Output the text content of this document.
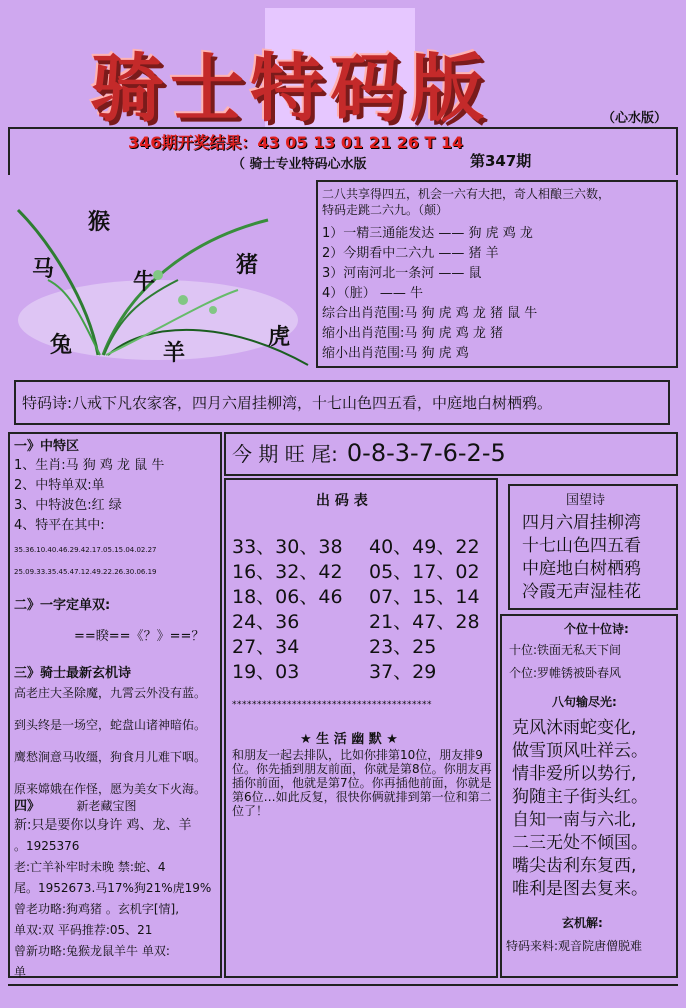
骑士特码版	（心水版）
346期开奖结果：43 05 13 01 21 26 T 14
（ 骑士专业特码心水版	第347期
猴
马	猪
牛
兔	羊
虎
二八共享得四五，机会一六有大把，奇人相酿三六数，
特码走跳二六九。（颠）
1）一精三通能发达 —— 狗 虎 鸡 龙
2）今期看中二六九 —— 猪 羊
3）河南河北一条河 —— 鼠
4）（脏） —— 牛
综合出肖范围:马 狗 虎 鸡 龙 猪 鼠 牛
缩小出肖范围:马 狗 虎 鸡 龙 猪
缩小出肖范围:马 狗 虎 鸡
特码诗:八戒下凡农家客，四月六眉挂柳湾，十七山色四五看，中庭地白树栖鸦。
一》中特区
1、生肖:马 狗 鸡 龙 鼠 牛
2、中特单双:单
3、中特波色:红 绿
4、特平在其中:
35.36.10.40.46.29.42.17.05.15.04.02.27
25.09.33.35.45.47.12.49.22.26.30.06.19
二》一字定单双:
==睽==《？》==？
三》骑士最新玄机诗
高老庄大圣除魔，九霄云外没有蓝。
到头终是一场空，蛇盘山诸神暗佑。
鹰愁涧意马收缰，狗食月儿难下咽。
原来嫦娥在作怪，愿为美女下火海。
四》	新老藏宝图
新:只是要你以身许 鸡、龙、羊
。1925376
老:亡羊补牢时未晚 禁:蛇、4
尾。1952673.马17%狗21%虎19%
曾老功略:狗鸡猪 。玄机字[情],
单双:双 平码推荐:05、21
曾新功略:兔猴龙鼠羊牛 单双:
单
今 期 旺 尾: 0-8-3-7-6-2-5
出 码 表
33、30、38 40、49、22
16、32、42 05、17、02
18、06、46 07、15、14
24、36	21、47、28
27、34	23、25
19、03	37、29
****************************************
★ 生 活 幽 默 ★
和朋友一起去排队，比如你排第10位，朋友排9位。你先插到朋友前面，你就是第8位。你朋友再插你前面，他就是第7位。你再插他前面，你就是第6位…如此反复，很快你俩就排到第一位和第二位了！
国望诗
四月六眉挂柳湾
十七山色四五看
中庭地白树栖鸦
冷霞无声湿桂花
个位十位诗:
十位:铁面无私天下间
个位:罗帷锈被卧春风
八句输尽光:
克风沐雨蛇变化,
做雪顶风吐祥云。
情非爱所以势行,
狗随主子街头红。
自知一南与六北,
二三无处不倾国。
嘴尖齿利东复西,
唯利是图去复来。
玄机解:
特码来料:观音院唐僧脱难
